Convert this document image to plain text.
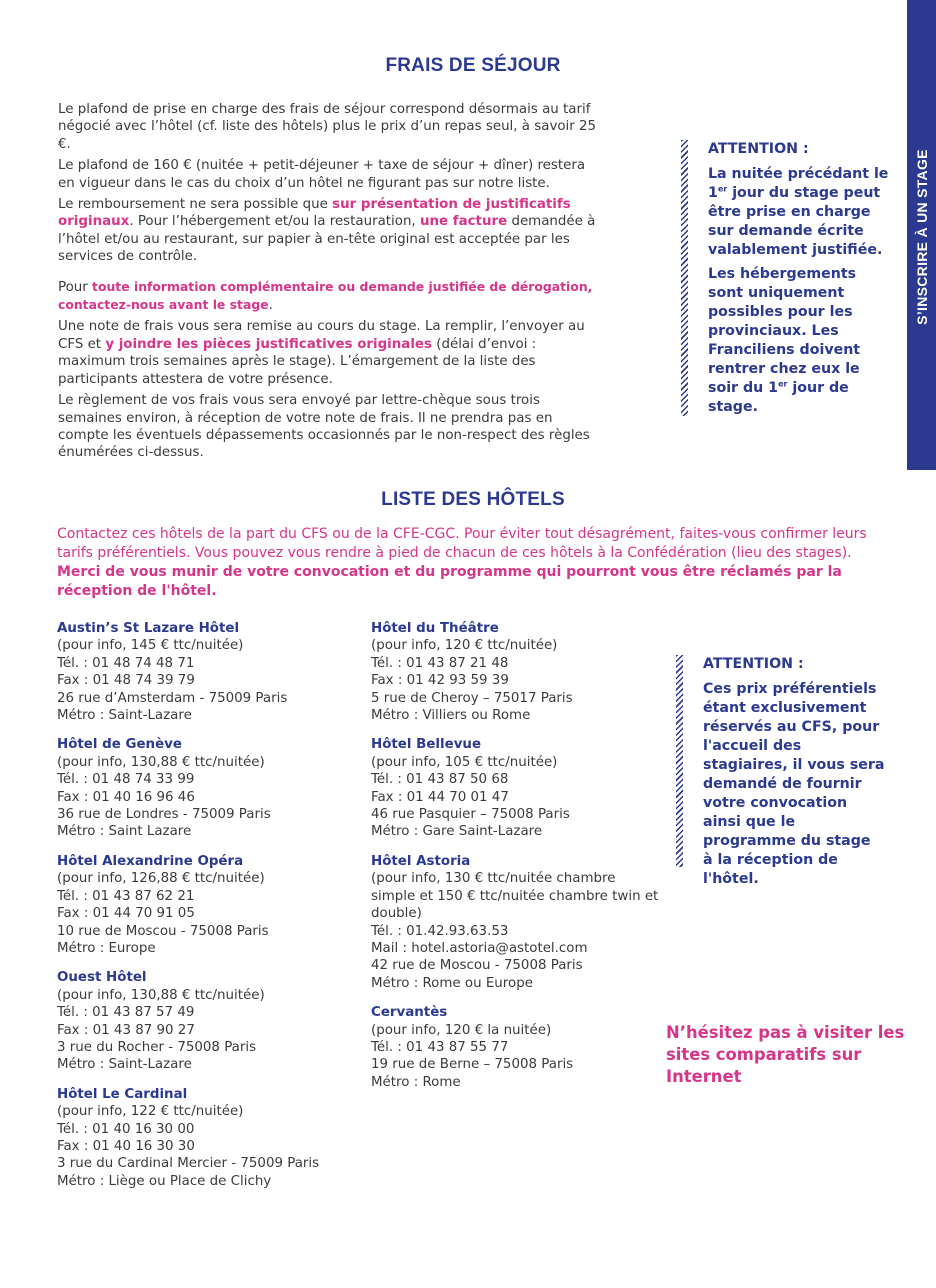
S’INSCRIRE À UN STAGE
FRAIS DE SÉJOUR

Le plafond de prise en charge des frais de séjour correspond désormais au tarif négocié avec l’hôtel (cf. liste des hôtels) plus le prix d’un repas seul, à savoir 25 €.

Le plafond de 160 € (nuitée + petit-déjeuner + taxe de séjour + dîner) restera en vigueur dans le cas du choix d’un hôtel ne figurant pas sur notre liste.

Le remboursement ne sera possible que sur présentation de justificatifs originaux. Pour l’hébergement et/ou la restauration, une facture demandée à l’hôtel et/ou au restaurant, sur papier à en-tête original est acceptée par les services de contrôle.

Pour toute information complémentaire ou demande justifiée de dérogation,
contactez-nous avant le stage.

Une note de frais vous sera remise au cours du stage. La remplir, l’envoyer au CFS et y joindre les pièces justificatives originales (délai d’envoi : maximum trois semaines après le stage). L’émargement de la liste des participants attestera de votre présence.

Le règlement de vos frais vous sera envoyé par lettre-chèque sous trois semaines environ, à réception de votre note de frais. Il ne prendra pas en compte les éventuels dépassements occasionnés par le non-respect des règles énumérées ci-dessus.

ATTENTION :

La nuitée précédant le 1er jour du stage peut être prise en charge sur demande écrite valablement justifiée.

Les hébergements sont uniquement possibles pour les provinciaux. Les Franciliens doivent rentrer chez eux le soir du 1er jour de stage.

LISTE DES HÔTELS
Contactez ces hôtels de la part du CFS ou de la CFE-CGC. Pour éviter tout désagrément, faites-vous confirmer leurs tarifs préférentiels. Vous pouvez vous rendre à pied de chacun de ces hôtels à la Confédération (lieu des stages). Merci de vous munir de votre convocation et du programme qui pourront vous être réclamés par la réception de l'hôtel.
Austin’s St Lazare Hôtel
(pour info, 145 € ttc/nuitée)
Tél. : 01 48 74 48 71
Fax : 01 48 74 39 79
26 rue d’Amsterdam - 75009 Paris
Métro : Saint-Lazare
Hôtel de Genève
(pour info, 130,88 € ttc/nuitée)
Tél. : 01 48 74 33 99
Fax : 01 40 16 96 46
36 rue de Londres - 75009 Paris
Métro : Saint Lazare
Hôtel Alexandrine Opéra
(pour info, 126,88 € ttc/nuitée)
Tél. : 01 43 87 62 21
Fax : 01 44 70 91 05
10 rue de Moscou - 75008 Paris
Métro : Europe
Ouest Hôtel
(pour info, 130,88 € ttc/nuitée)
Tél. : 01 43 87 57 49
Fax : 01 43 87 90 27
3 rue du Rocher - 75008 Paris
Métro : Saint-Lazare
Hôtel Le Cardinal
(pour info, 122 € ttc/nuitée)
Tél. : 01 40 16 30 00
Fax : 01 40 16 30 30
3 rue du Cardinal Mercier - 75009 Paris
Métro : Liège ou Place de Clichy
Hôtel du Théâtre
(pour info, 120 € ttc/nuitée)
Tél. : 01 43 87 21 48
Fax : 01 42 93 59 39
5 rue de Cheroy – 75017 Paris
Métro : Villiers ou Rome
Hôtel Bellevue
(pour info, 105 € ttc/nuitée)
Tél. : 01 43 87 50 68
Fax : 01 44 70 01 47
46 rue Pasquier – 75008 Paris
Métro : Gare Saint-Lazare
Hôtel Astoria
(pour info, 130 € ttc/nuitée chambre simple et 150 € ttc/nuitée chambre twin et double)
Tél. : 01.42.93.63.53
Mail : hotel.astoria@astotel.com
42 rue de Moscou - 75008 Paris
Métro : Rome ou Europe
Cervantès
(pour info, 120 € la nuitée)
Tél. : 01 43 87 55 77
19 rue de Berne – 75008 Paris
Métro : Rome

ATTENTION :

Ces prix préférentiels étant exclusivement réservés au CFS, pour l'accueil des stagiaires, il vous sera demandé de fournir votre convocation ainsi que le programme du stage à la réception de l'hôtel.

N’hésitez pas à visiter les sites comparatifs sur Internet
